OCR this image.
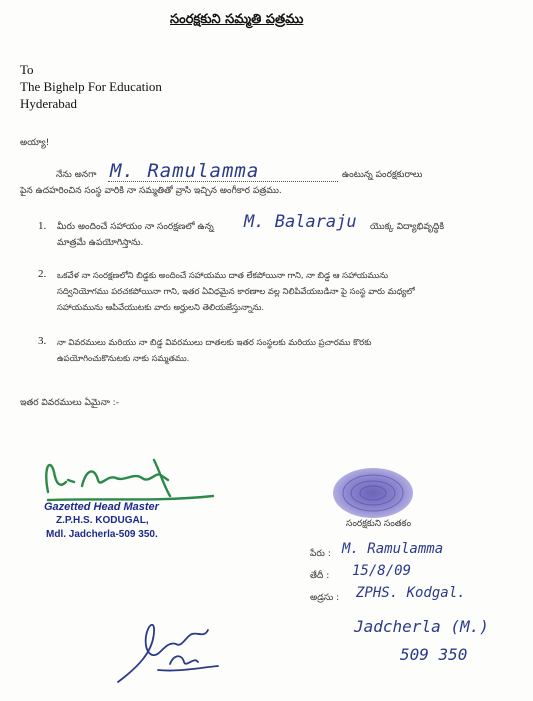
సంరక్షకుని సమ్మతి పత్రము
To
The Bighelp For Education
Hyderabad
అయ్యా!
నేను అనగా M. Ramulamma	ఉంటున్న పంరక్షకురాలు
పైన ఉదహరించిన సంస్థ వారికి నా సమ్మతితో వ్రాసి ఇచ్చిన అంగీకార పత్రము.
1. మీరు అందించే సహాయం నా సంరక్షణలో ఉన్న M. Balaraju యొక్క విద్యాభివృద్ధికి
మాత్రమే ఉపయోగిస్తాను.
2. ఒకవేళ నా సంరక్షణలోని బిడ్డకు అందించే సహాయము దాత లేకపోయినా గాని, నా బిడ్డ ఆ సహాయమును
సద్వినియోగము పరచకపోయినా గాని, ఇతర ఏవిధమైన కారణాల వల్ల నిలిపివేయబడినా పై సంస్థ వారు మధ్యలో
సహాయమును ఆపివేయుటకు వారు అర్హులని తెలియజేస్తున్నాను.
3. నా వివరములు మరియు నా బిడ్డ వివరములు దాతలకు ఇతర సంస్థలకు మరియు ప్రచారము కొరకు
ఉపయోగించుకొనుటకు నాకు సమ్మతము.
ఇతర వివరములు ఏమైనా :-
Gazetted Head Master
Z.P.H.S. KODUGAL,
Mdl. Jadcherla-509 350.
సంరక్షకుని సంతకం
పేరు : M. Ramulamma
తేదీ : 15/8/09
అడ్రసు : ZPHS. Kodgal.
Jadcherla (M.)
509 350
